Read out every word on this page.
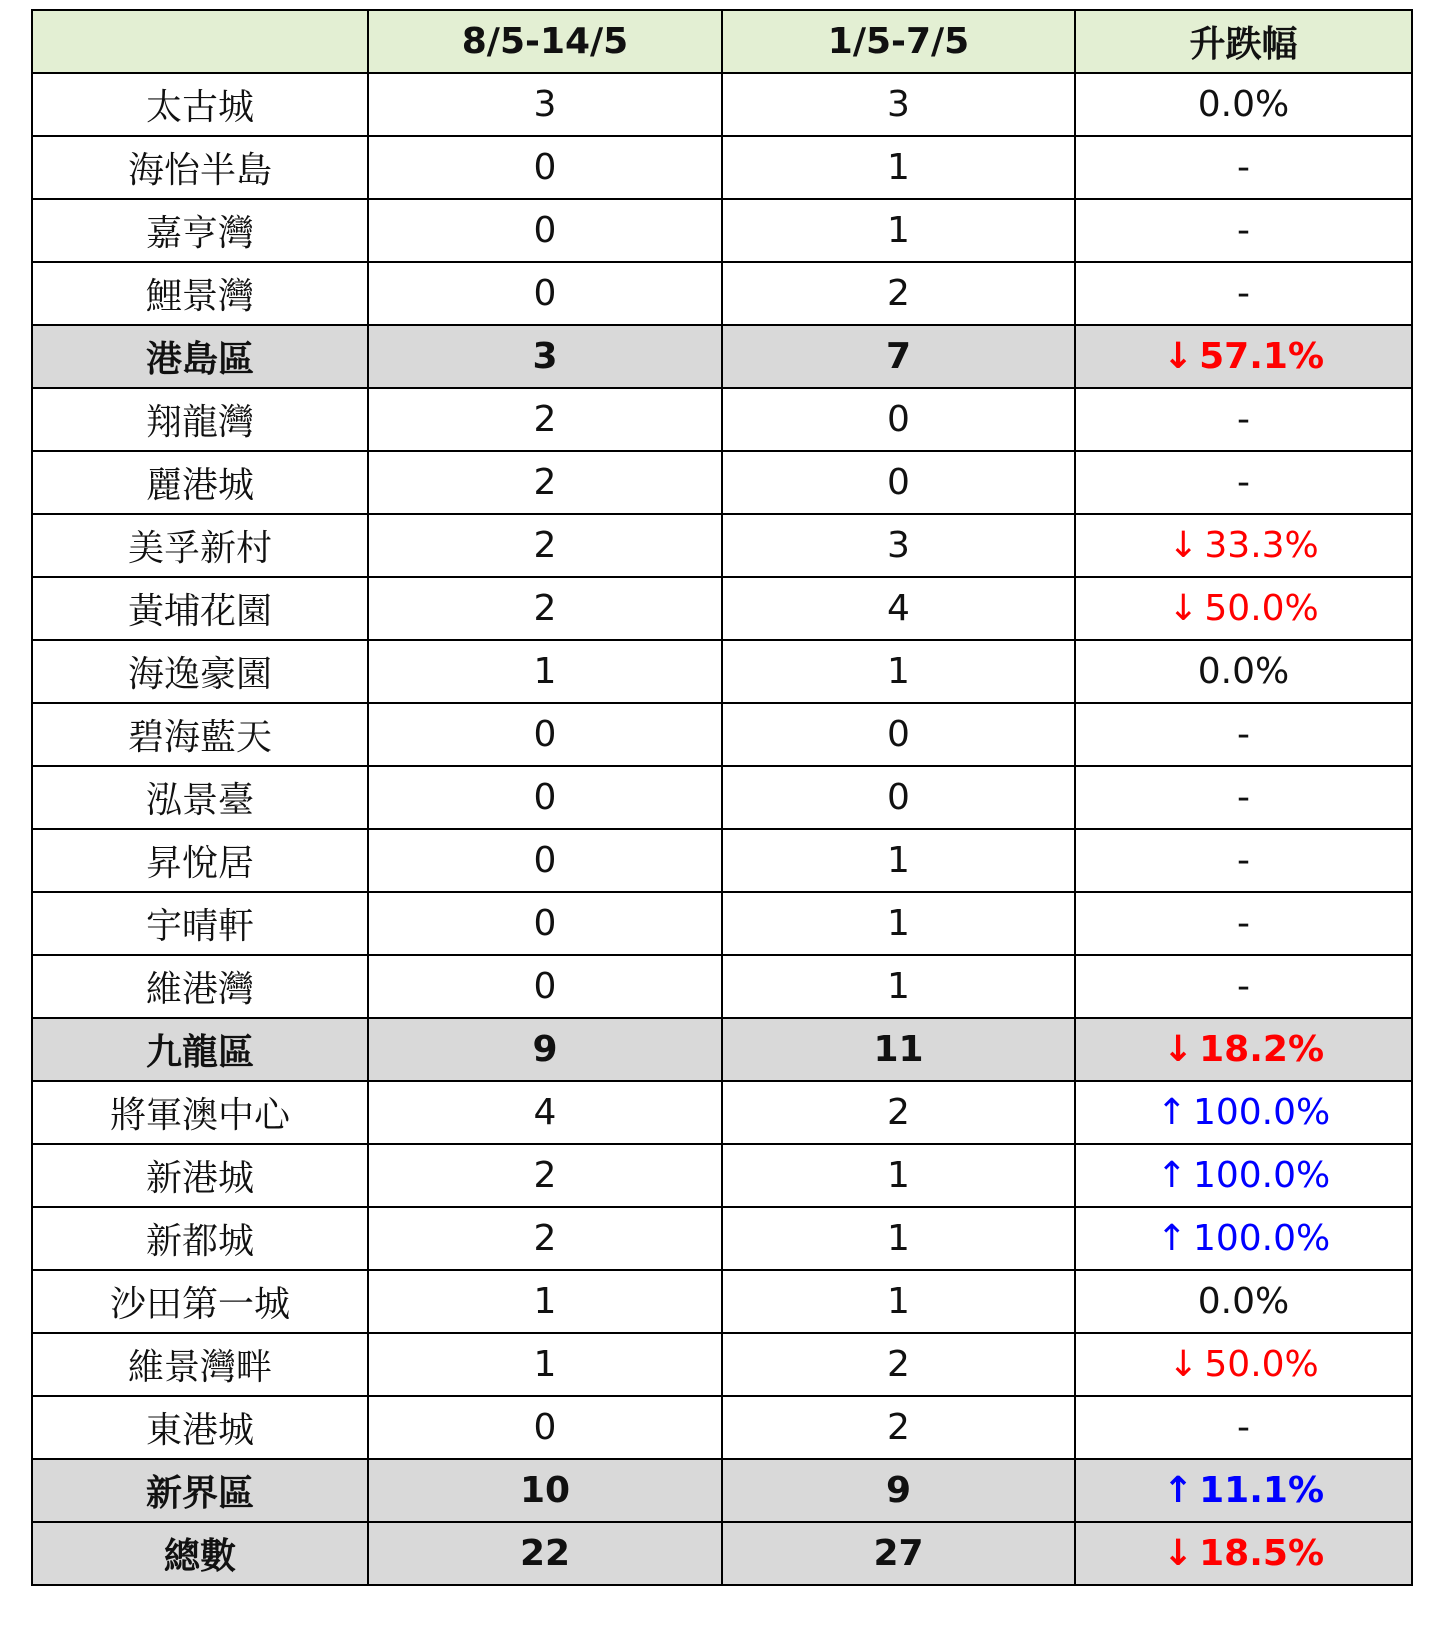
	8/5-14/5	1/5-7/5	升跌幅
太古城	3	3	0.0%
海怡半島	0	1	-
嘉亨灣	0	1	-
鯉景灣	0	2	-
港島區	3	7	↓ 57.1%
翔龍灣	2	0	-
麗港城	2	0	-
美孚新村	2	3	↓ 33.3%
黃埔花園	2	4	↓ 50.0%
海逸豪園	1	1	0.0%
碧海藍天	0	0	-
泓景臺	0	0	-
昇悅居	0	1	-
宇晴軒	0	1	-
維港灣	0	1	-
九龍區	9	11	↓ 18.2%
將軍澳中心	4	2	↑ 100.0%
新港城	2	1	↑ 100.0%
新都城	2	1	↑ 100.0%
沙田第一城	1	1	0.0%
維景灣畔	1	2	↓ 50.0%
東港城	0	2	-
新界區	10	9	↑ 11.1%
總數	22	27	↓ 18.5%
